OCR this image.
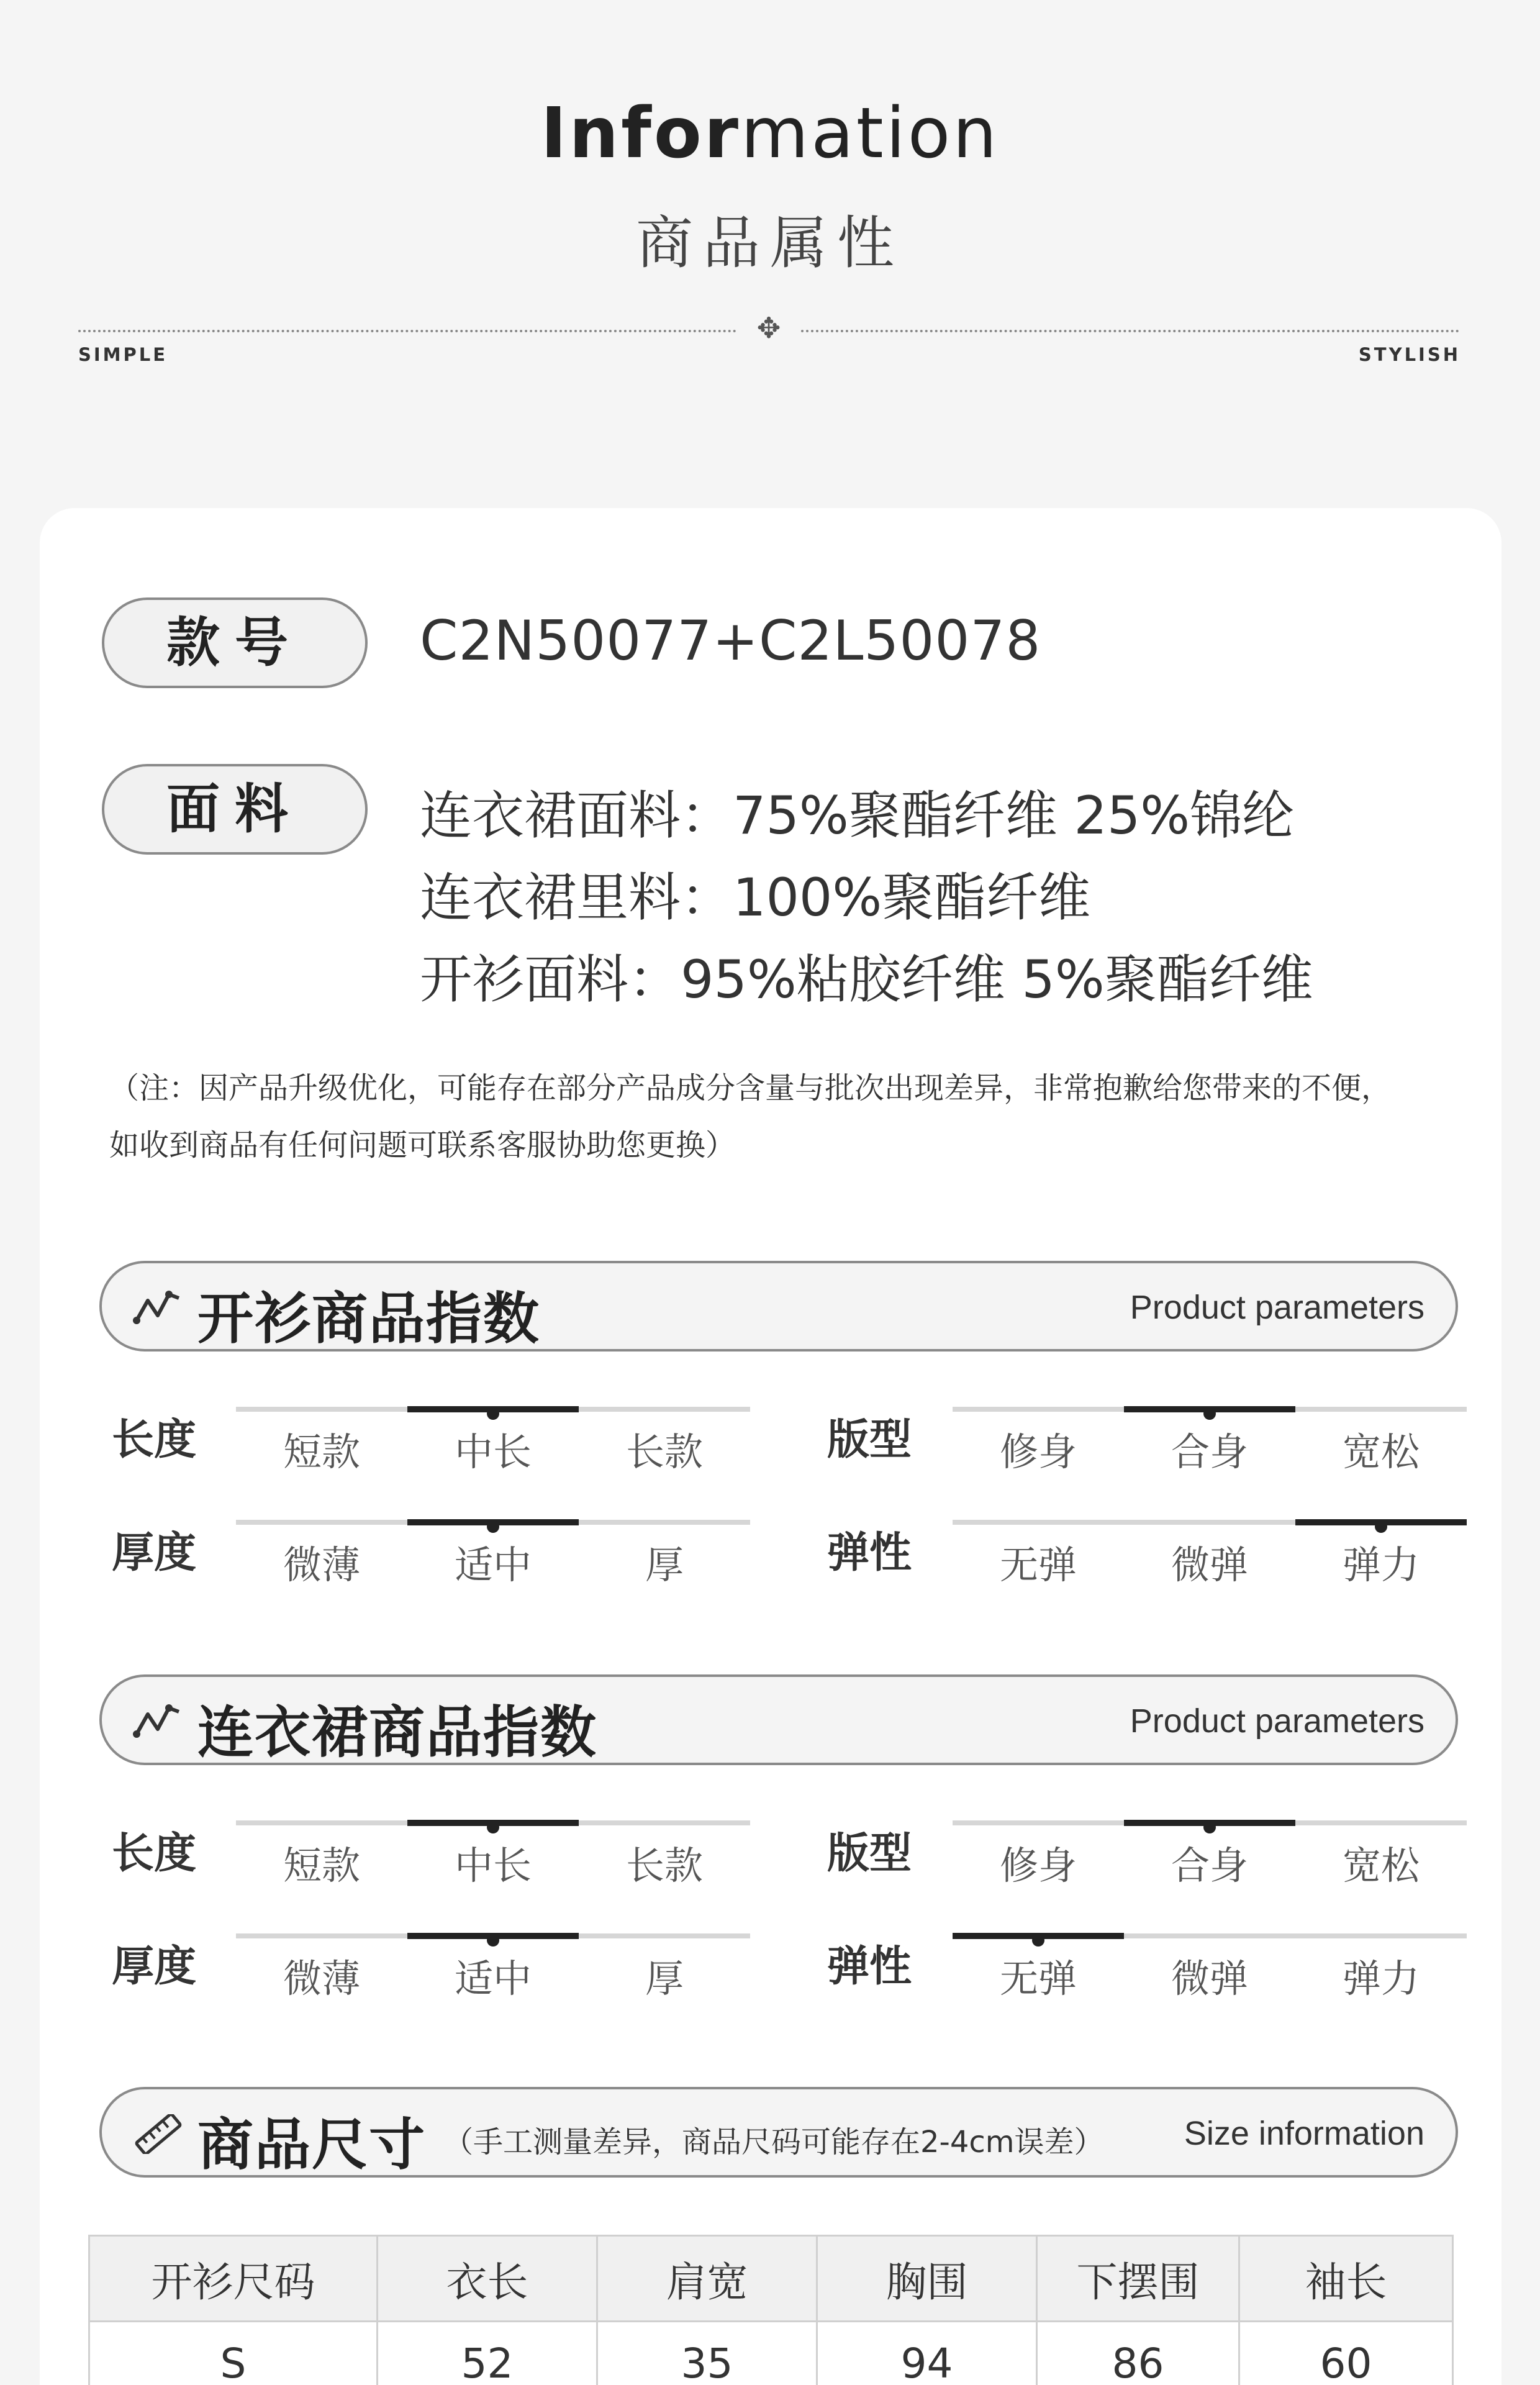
Information
商品属性
✥
SIMPLE	STYLISH
款号	C2N50077+C2L50078
面料	连衣裙面料：75%聚酯纤维 25%锦纶
连衣裙里料：100%聚酯纤维
开衫面料：95%粘胶纤维 5%聚酯纤维
（注：因产品升级优化，可能存在部分产品成分含量与批次出现差异，非常抱歉给您带来的不便，
如收到商品有任何问题可联系客服协助您更换）
开衫商品指数	Product parameters
长度	短款	中长	长款	版型	修身	合身	宽松
厚度	微薄	适中	厚	弹性	无弹	微弹	弹力
连衣裙商品指数	Product parameters
长度	短款	中长	长款	版型	修身	合身	宽松
厚度	微薄	适中	厚	弹性	无弹	微弹	弹力
商品尺寸 （手工测量差异，商品尺码可能存在2-4cm误差） Size information
开衫尺码	衣长	肩宽	胸围	下摆围	袖长
S	52	35	94	86	60
